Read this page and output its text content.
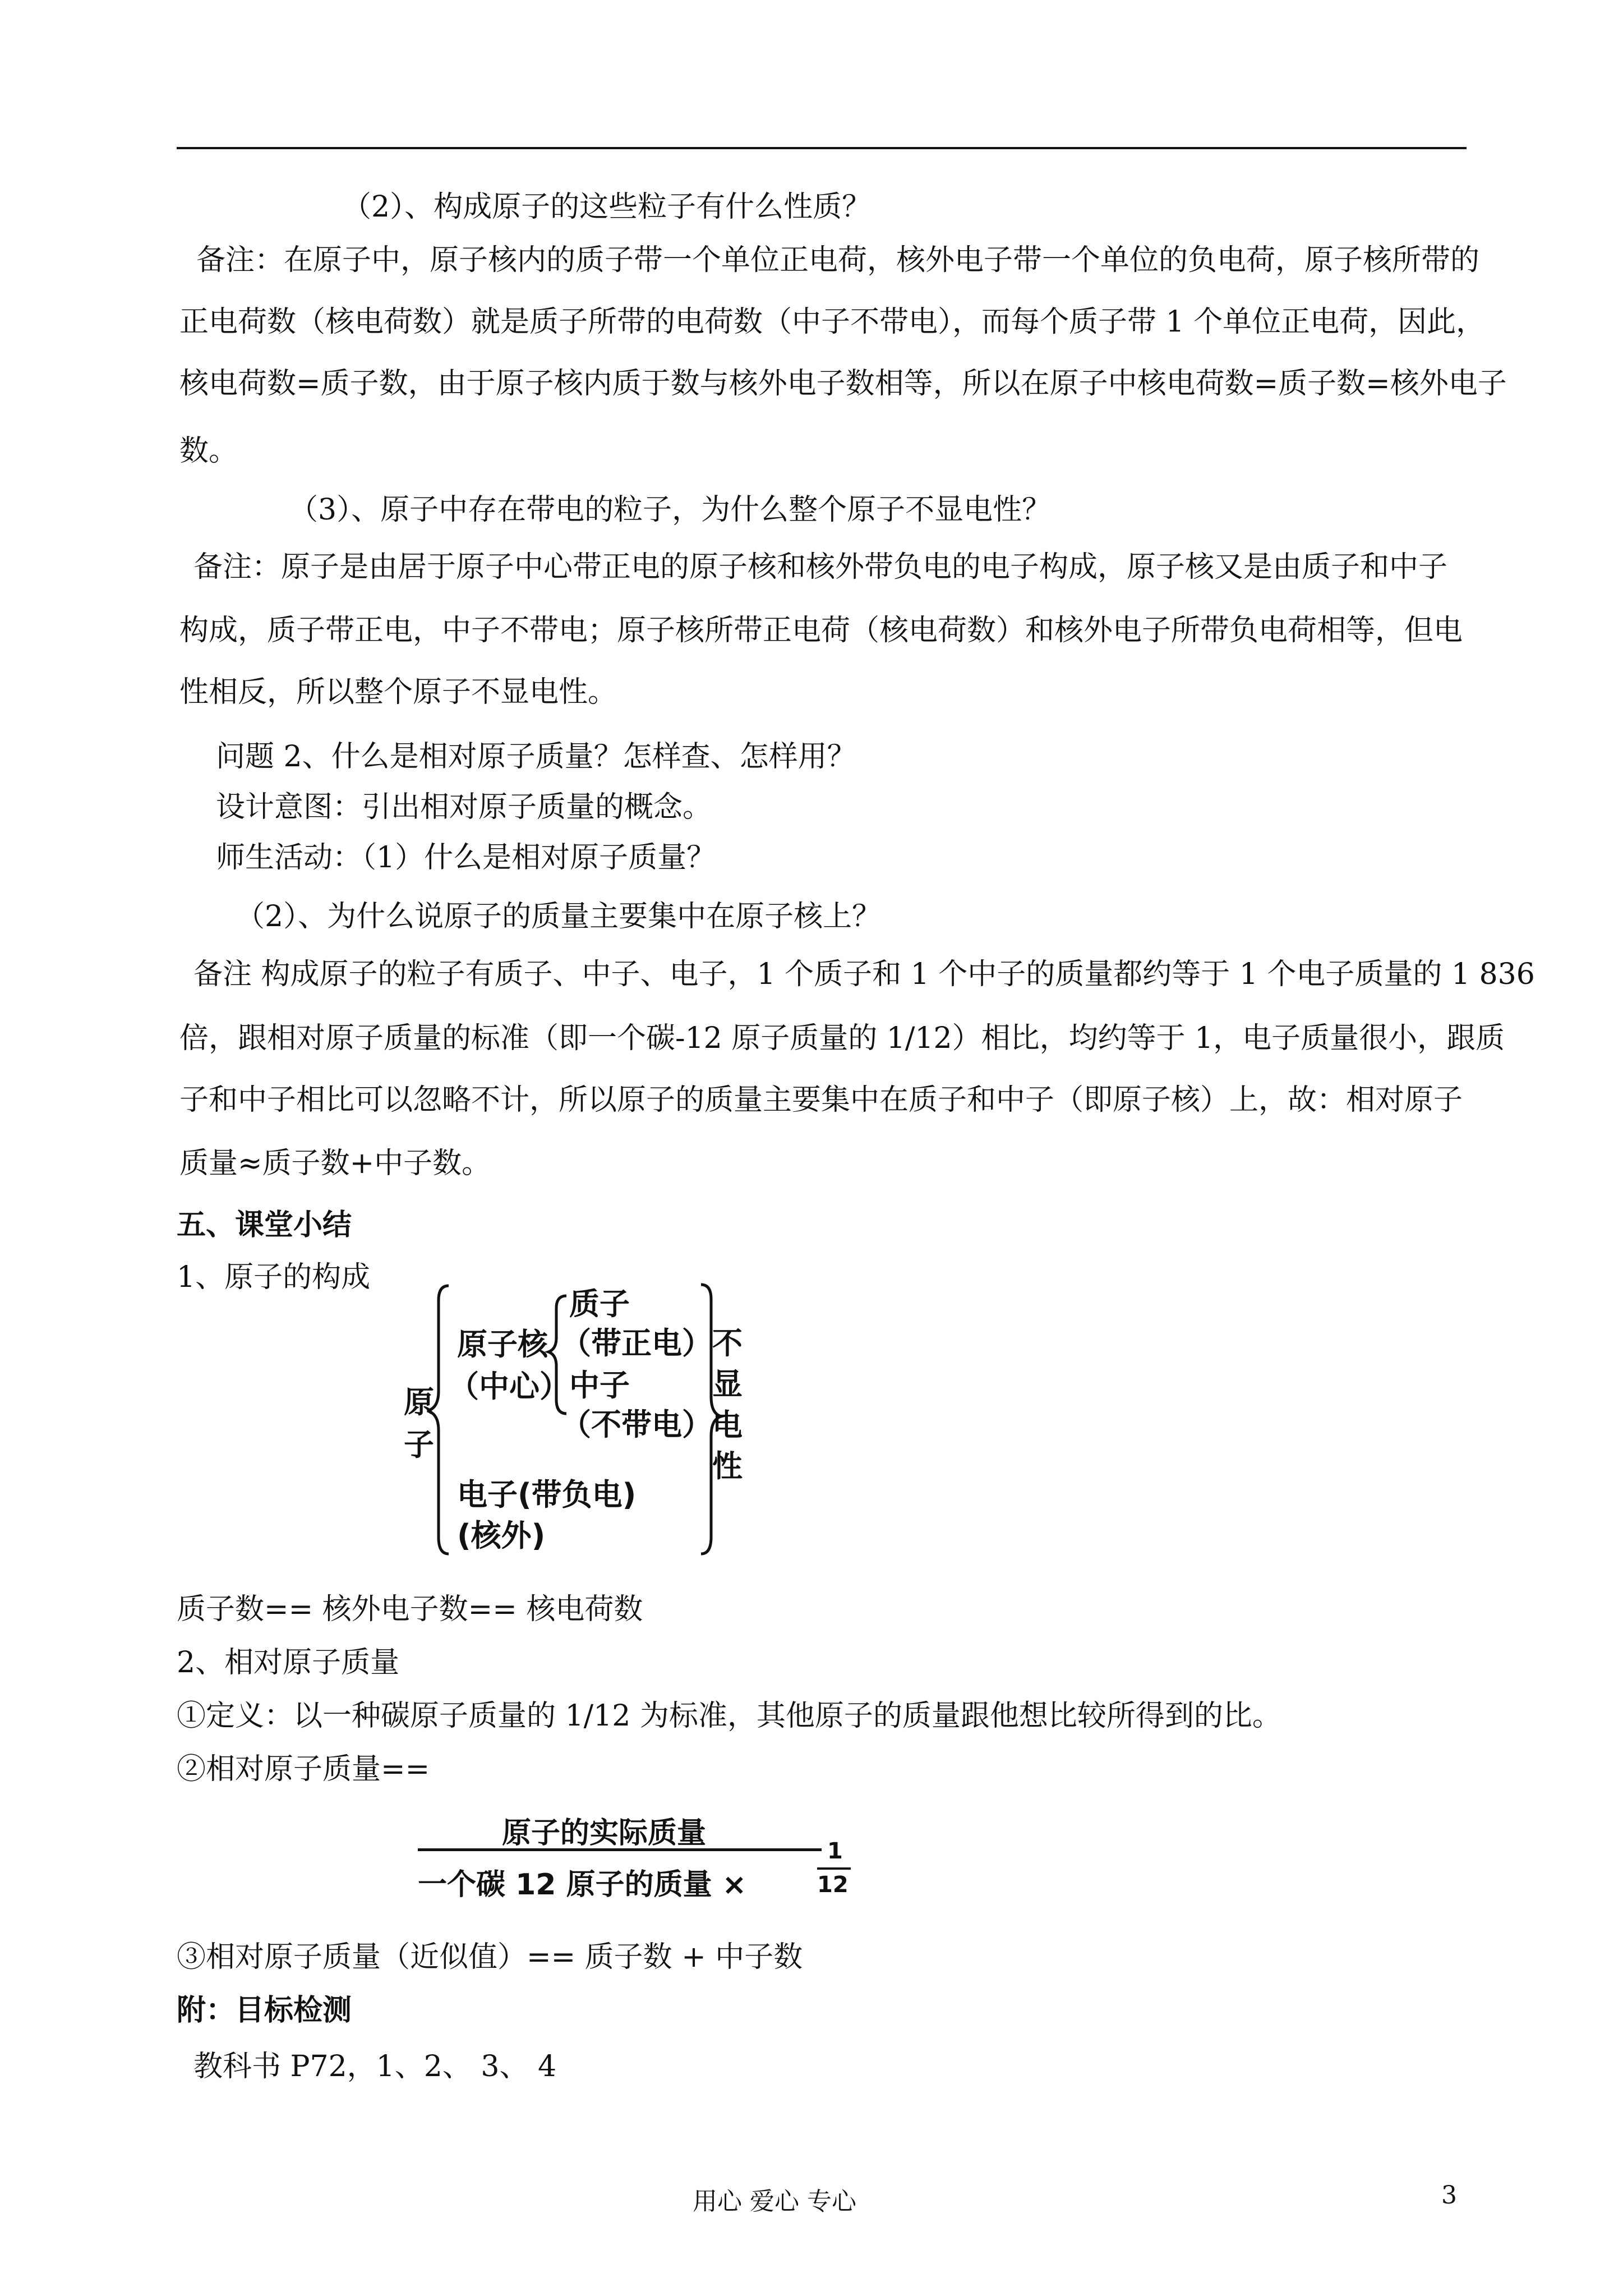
（2）、构成原子的这些粒子有什么性质？
备注：在原子中，原子核内的质子带一个单位正电荷，核外电子带一个单位的负电荷，原子核所带的
正电荷数（核电荷数）就是质子所带的电荷数（中子不带电），而每个质子带 1 个单位正电荷，因此，
核电荷数=质子数，由于原子核内质于数与核外电子数相等，所以在原子中核电荷数=质子数=核外电子
数。
（3）、原子中存在带电的粒子，为什么整个原子不显电性？
备注：原子是由居于原子中心带正电的原子核和核外带负电的电子构成，原子核又是由质子和中子
构成，质子带正电，中子不带电；原子核所带正电荷（核电荷数）和核外电子所带负电荷相等，但电
性相反，所以整个原子不显电性。
问题 2、什么是相对原子质量？怎样查、怎样用？
设计意图：引出相对原子质量的概念。
师生活动：（1）什么是相对原子质量？
（2）、为什么说原子的质量主要集中在原子核上？
备注 构成原子的粒子有质子、中子、电子，1 个质子和 1 个中子的质量都约等于 1 个电子质量的 1 836
倍，跟相对原子质量的标准（即一个碳-12 原子质量的 1/12）相比，均约等于 1，电子质量很小，跟质
子和中子相比可以忽略不计，所以原子的质量主要集中在质子和中子（即原子核）上，故：相对原子
质量≈质子数+中子数。
五、课堂小结
1、原子的构成
原
子
原子核
（中心）
质子
（带正电）
中子
（不带电）
电子(带负电)
(核外)
不
显
电
性
质子数== 核外电子数== 核电荷数
2、相对原子质量
①定义：以一种碳原子质量的 1/12 为标准，其他原子的质量跟他想比较所得到的比。
②相对原子质量==
原子的实际质量
一个碳 12 原子的质量 ×
1
12
③相对原子质量（近似值）== 质子数 + 中子数
附：目标检测
教科书 P72，1、2、 3、 4
用心 爱心 专心	3
